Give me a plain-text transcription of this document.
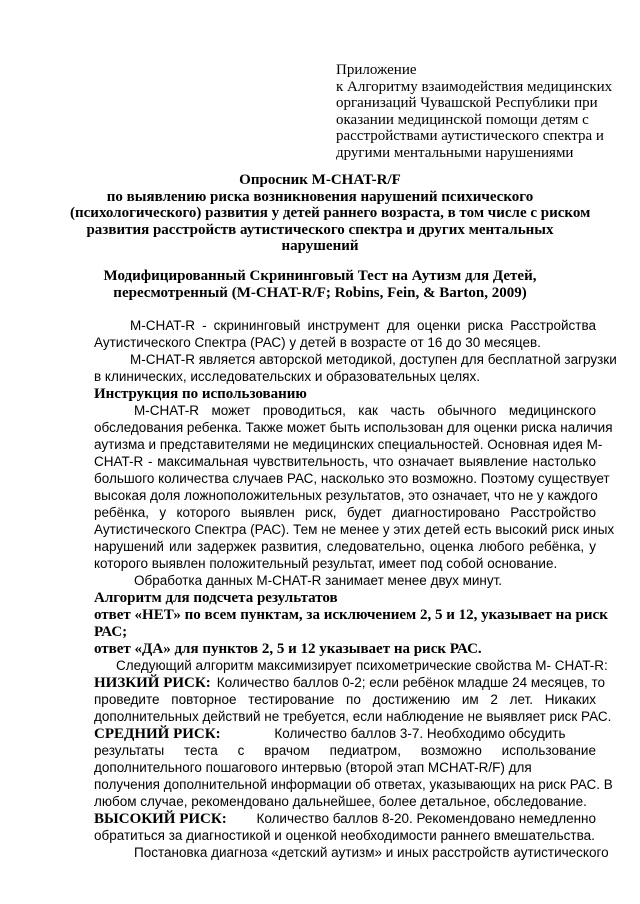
Приложение
к Алгоритму взаимодействия медицинских
организаций Чувашской Республики при
оказании медицинской помощи детям с
расстройствами аутистического спектра и
другими ментальными нарушениями
Опросник М-CHAT-R/F
по выявлению риска возникновения нарушений психического
(психологического) развития у детей раннего возраста, в том числе с риском
развития расстройств аутистического спектра и других ментальных
нарушений
Модифицированный Скрининговый Тест на Аутизм для Детей,
пересмотренный (M-CHAT-R/F; Robins, Fein, & Barton, 2009)
M-CHAT-R - скрининговый инструмент для оценки риска Расстройства
Аутистического Спектра (РАС) у детей в возрасте от 16 до 30 месяцев.
M-CHAT-R является авторской методикой, доступен для бесплатной загрузки
в клинических, исследовательских и образовательных целях.
Инструкция по использованию
M-CHAT-R может проводиться, как часть обычного медицинского
обследования ребенка. Также может быть использован для оценки риска наличия
аутизма и представителями не медицинских специальностей. Основная идея М-
CHAT-R - максимальная чувствительность, что означает выявление настолько
большого количества случаев РАС, насколько это возможно. Поэтому существует
высокая доля ложноположительных результатов, это означает, что не у каждого
ребёнка, у которого выявлен риск, будет диагностировано Расстройство
Аутистического Спектра (РАС). Тем не менее у этих детей есть высокий риск иных
нарушений или задержек развития, следовательно, оценка любого ребёнка, у
которого выявлен положительный результат, имеет под собой основание.
Обработка данных M-CHAT-R занимает менее двух минут.
Алгоритм для подсчета результатов
ответ «НЕТ» по всем пунктам, за исключением 2, 5 и 12, указывает на риск
РАС;
ответ «ДА» для пунктов 2, 5 и 12 указывает на риск РАС.
Следующий алгоритм максимизирует психометрические свойства M- CHAT-R:
НИЗКИЙ РИСК: Количество баллов 0-2; если ребёнок младше 24 месяцев, то
проведите повторное тестирование по достижению им 2 лет. Никаких
дополнительных действий не требуется, если наблюдение не выявляет риск РАС.
СРЕДНИЙ РИСК:	Количество баллов 3-7. Необходимо обсудить
результаты теста с врачом педиатром, возможно использование
дополнительного пошагового интервью (второй этап MCHAT-R/F) для
получения дополнительной информации об ответах, указывающих на риск РАС. В
любом случае, рекомендовано дальнейшее, более детальное, обследование.
ВЫСОКИЙ РИСК:	Количество баллов 8-20. Рекомендовано немедленно
обратиться за диагностикой и оценкой необходимости раннего вмешательства.
Постановка диагноза «детский аутизм» и иных расстройств аутистического
